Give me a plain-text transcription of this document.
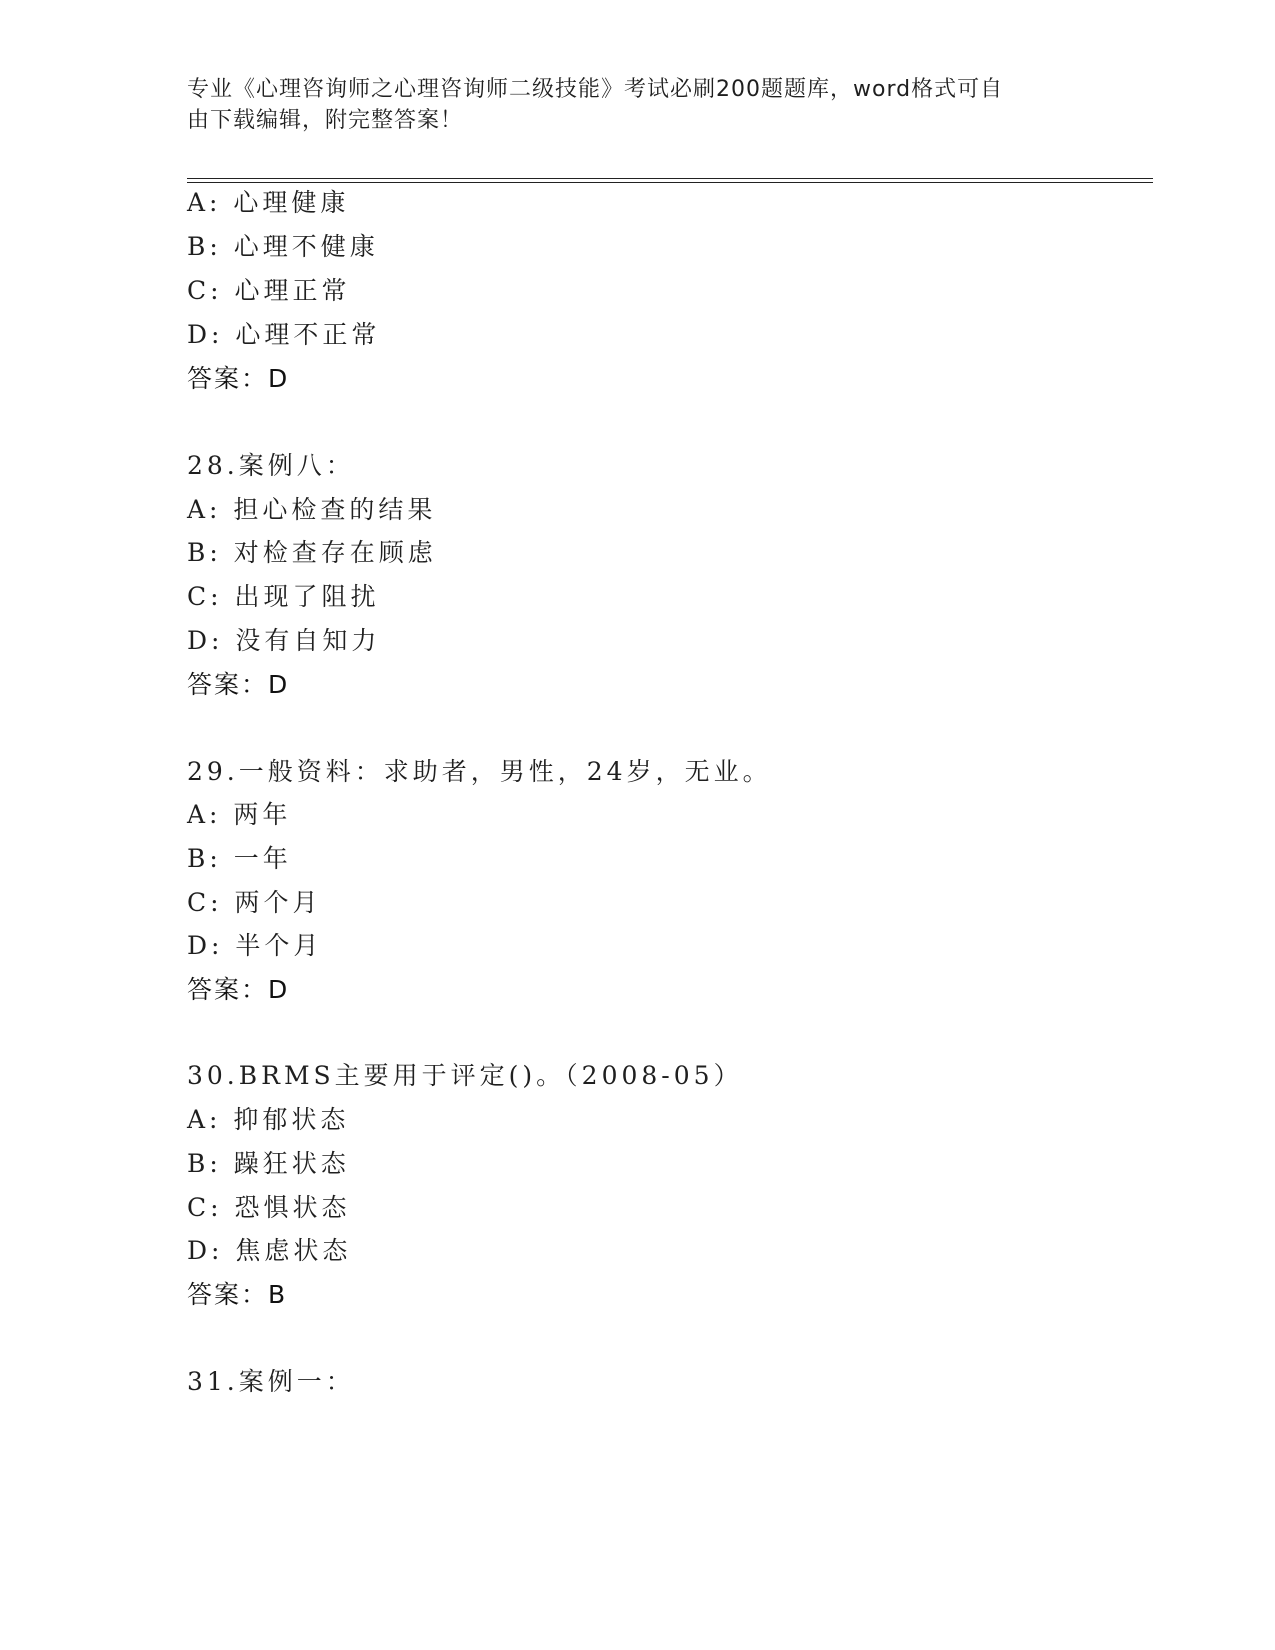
专业《心理咨询师之心理咨询师二级技能》考试必刷200题题库，word格式可自
由下载编辑，附完整答案！
A: 心理健康
B: 心理不健康
C: 心理正常
D: 心理不正常
答案：D
28.案例八：
A: 担心检查的结果
B: 对检查存在顾虑
C: 出现了阻扰
D: 没有自知力
答案：D
29.一般资料：求助者，男性，24岁，无业。
A: 两年
B: 一年
C: 两个月
D: 半个月
答案：D
30.BRMS主要用于评定()。（2008-05）
A: 抑郁状态
B: 躁狂状态
C: 恐惧状态
D: 焦虑状态
答案：B
31.案例一：
